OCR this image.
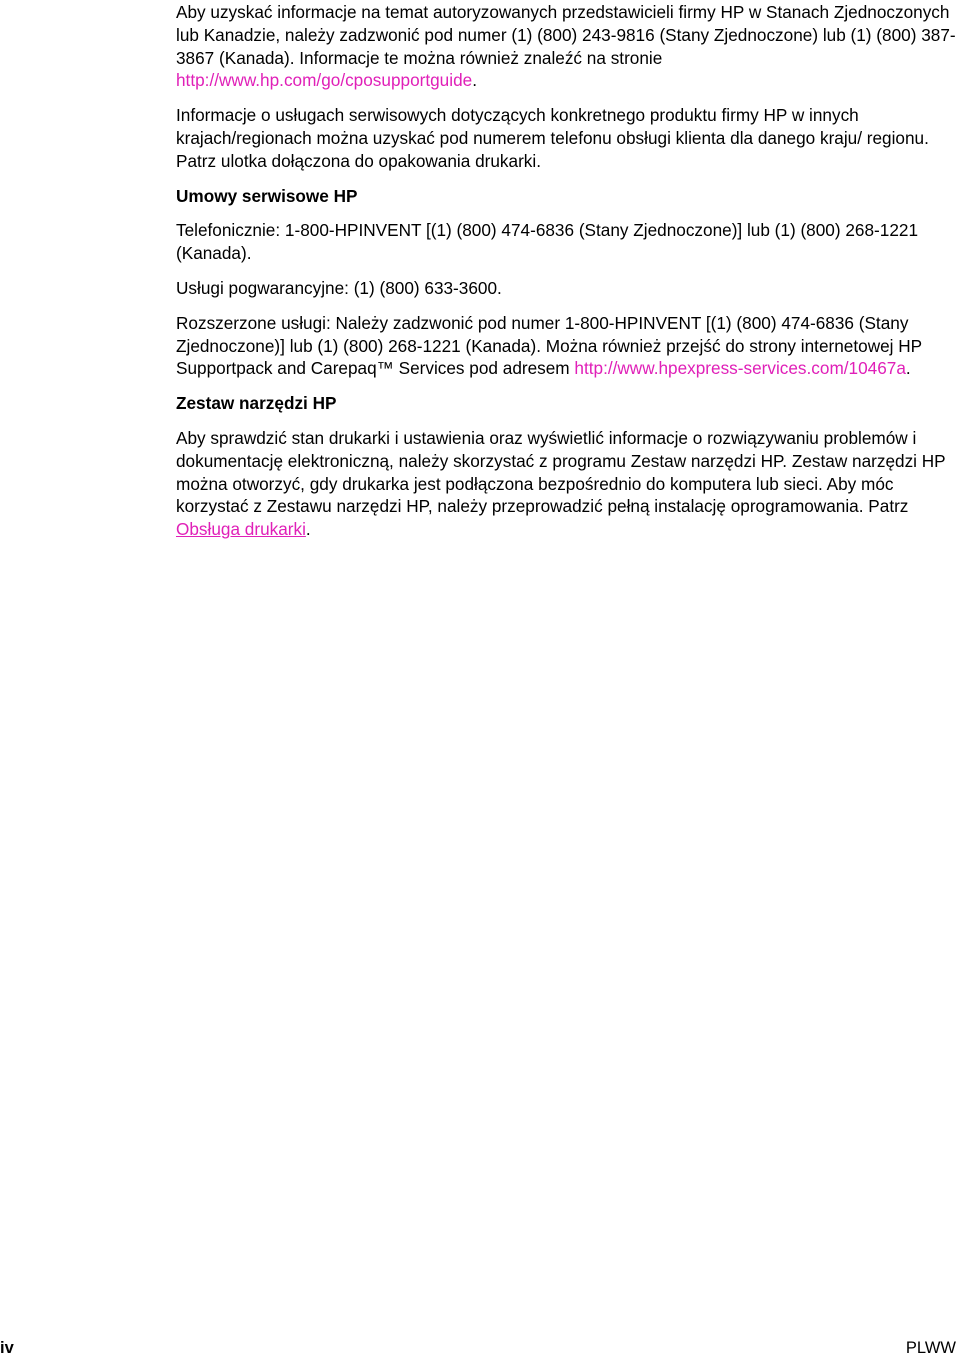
Aby uzyskać informacje na temat autoryzowanych przedstawicieli firmy HP w Stanach Zjednoczonych lub Kanadzie, należy zadzwonić pod numer (1) (800) 243-9816 (Stany Zjednoczone) lub (1) (800) 387-3867 (Kanada). Informacje te można również znaleźć na stronie http://www.hp.com/go/cposupportguide.

Informacje o usługach serwisowych dotyczących konkretnego produktu firmy HP w innych krajach/regionach można uzyskać pod numerem telefonu obsługi klienta dla danego kraju/ regionu. Patrz ulotka dołączona do opakowania drukarki.

Umowy serwisowe HP

Telefonicznie: 1-800-HPINVENT [(1) (800) 474-6836 (Stany Zjednoczone)] lub (1) (800) 268-1221 (Kanada).

Usługi pogwarancyjne: (1) (800) 633-3600.

Rozszerzone usługi: Należy zadzwonić pod numer 1-800-HPINVENT [(1) (800) 474-6836 (Stany Zjednoczone)] lub (1) (800) 268-1221 (Kanada). Można również przejść do strony internetowej HP Supportpack and Carepaq™ Services pod adresem http://www.hpexpress-services.com/10467a.

Zestaw narzędzi HP

Aby sprawdzić stan drukarki i ustawienia oraz wyświetlić informacje o rozwiązywaniu problemów i dokumentację elektroniczną, należy skorzystać z programu Zestaw narzędzi HP. Zestaw narzędzi HP można otworzyć, gdy drukarka jest podłączona bezpośrednio do komputera lub sieci. Aby móc korzystać z Zestawu narzędzi HP, należy przeprowadzić pełną instalację oprogramowania. Patrz Obsługa drukarki.

iv	PLWW
